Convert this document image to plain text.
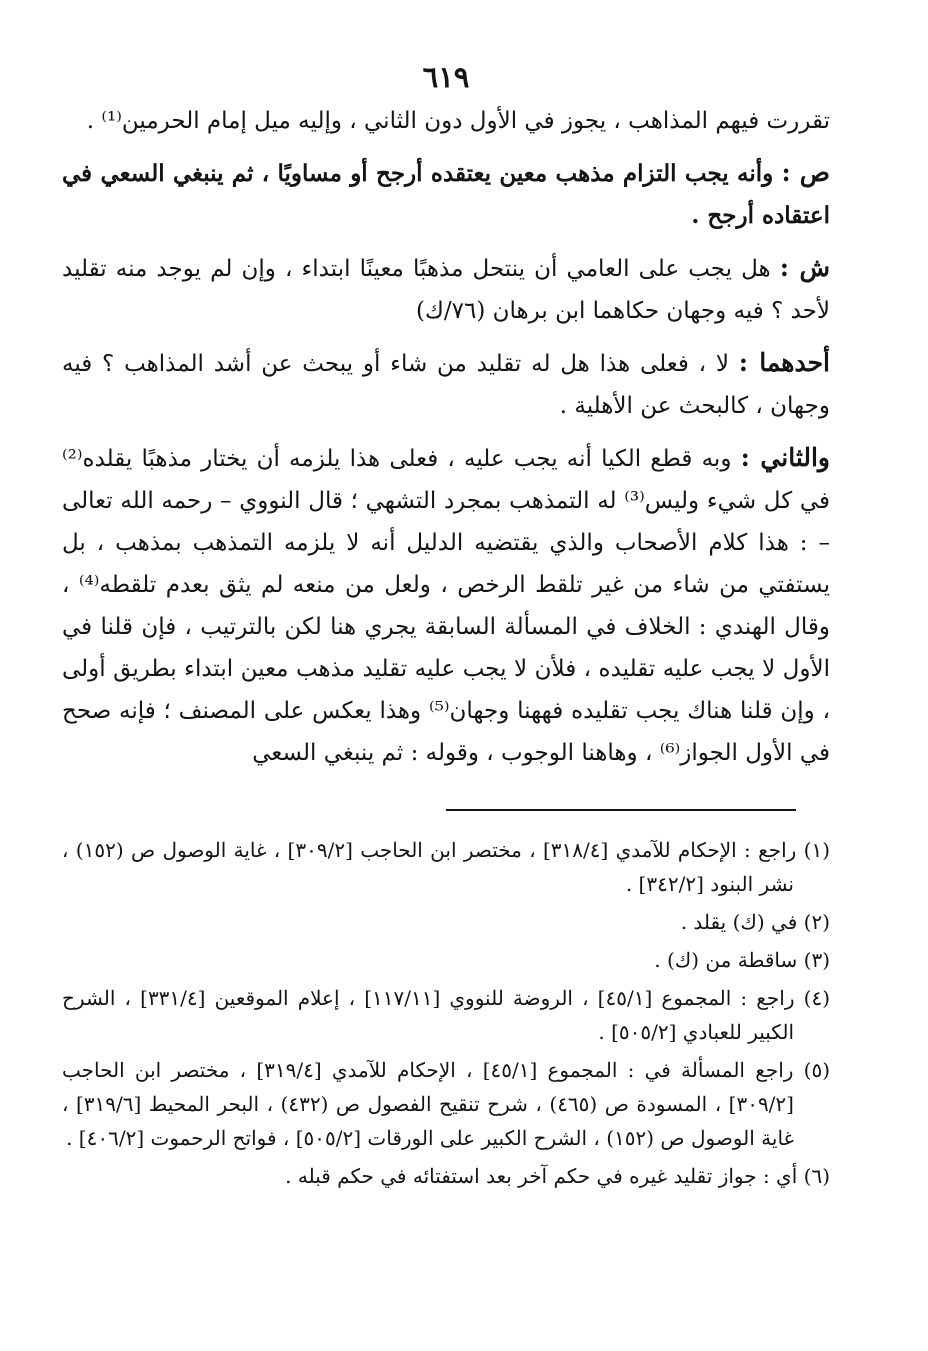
٦١٩

تقررت فيهم المذاهب ، يجوز في الأول دون الثاني ، وإليه ميل إمام الحرمين⁽¹⁾ .

ص : وأنه يجب التزام مذهب معين يعتقده أرجح أو مساويًا ، ثم ينبغي السعي في اعتقاده أرجح .

ش : هل يجب على العامي أن ينتحل مذهبًا معينًا ابتداء ، وإن لم يوجد منه تقليد لأحد ؟ فيه وجهان حكاهما ابن برهان (٧٦/ك)

أحدهما : لا ، فعلى هذا هل له تقليد من شاء أو يبحث عن أشد المذاهب ؟ فيه وجهان ، كالبحث عن الأهلية .

والثاني : وبه قطع الكيا أنه يجب عليه ، فعلى هذا يلزمه أن يختار مذهبًا يقلده⁽²⁾ في كل شيء وليس⁽³⁾ له التمذهب بمجرد التشهي ؛ قال النووي – رحمه الله تعالى – : هذا كلام الأصحاب والذي يقتضيه الدليل أنه لا يلزمه التمذهب بمذهب ، بل يستفتي من شاء من غير تلقط الرخص ، ولعل من منعه لم يثق بعدم تلقطه⁽⁴⁾ ، وقال الهندي : الخلاف في المسألة السابقة يجري هنا لكن بالترتيب ، فإن قلنا في الأول لا يجب عليه تقليده ، فلأن لا يجب عليه تقليد مذهب معين ابتداء بطريق أولى ، وإن قلنا هناك يجب تقليده فههنا وجهان⁽⁵⁾ وهذا يعكس على المصنف ؛ فإنه صحح في الأول الجواز⁽⁶⁾ ، وهاهنا الوجوب ، وقوله : ثم ينبغي السعي

(١) راجع : الإحكام للآمدي [٣١٨/٤] ، مختصر ابن الحاجب [٣٠٩/٢] ، غاية الوصول ص (١٥٢) ، نشر البنود [٣٤٢/٢] .

(٢) في (ك) يقلد .

(٣) ساقطة من (ك) .

(٤) راجع : المجموع [٤٥/١] ، الروضة للنووي [١١٧/١١] ، إعلام الموقعين [٣٣١/٤] ، الشرح الكبير للعبادي [٥٠٥/٢] .

(٥) راجع المسألة في : المجموع [٤٥/١] ، الإحكام للآمدي [٣١٩/٤] ، مختصر ابن الحاجب [٣٠٩/٢] ، المسودة ص (٤٦٥) ، شرح تنقيح الفصول ص (٤٣٢) ، البحر المحيط [٣١٩/٦] ، غاية الوصول ص (١٥٢) ، الشرح الكبير على الورقات [٥٠٥/٢] ، فواتح الرحموت [٤٠٦/٢] .

(٦) أي : جواز تقليد غيره في حكم آخر بعد استفتائه في حكم قبله .
